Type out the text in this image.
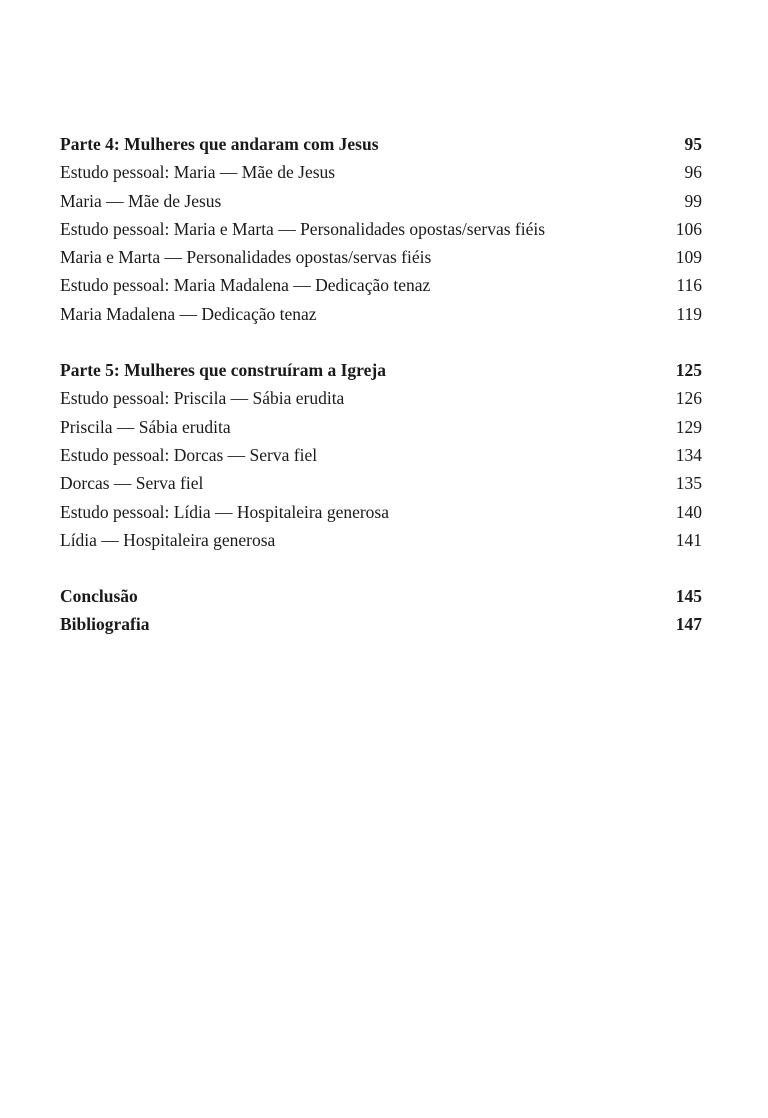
Parte 4: Mulheres que andaram com Jesus	95
Estudo pessoal: Maria — Mãe de Jesus	96
Maria — Mãe de Jesus	99
Estudo pessoal: Maria e Marta — Personalidades opostas/servas fiéis	106
Maria e Marta — Personalidades opostas/servas fiéis	109
Estudo pessoal: Maria Madalena — Dedicação tenaz	116
Maria Madalena — Dedicação tenaz	119
Parte 5: Mulheres que construíram a Igreja	125
Estudo pessoal: Priscila — Sábia erudita	126
Priscila — Sábia erudita	129
Estudo pessoal: Dorcas — Serva fiel	134
Dorcas — Serva fiel	135
Estudo pessoal: Lídia — Hospitaleira generosa	140
Lídia — Hospitaleira generosa	141
Conclusão	145
Bibliografia	147
